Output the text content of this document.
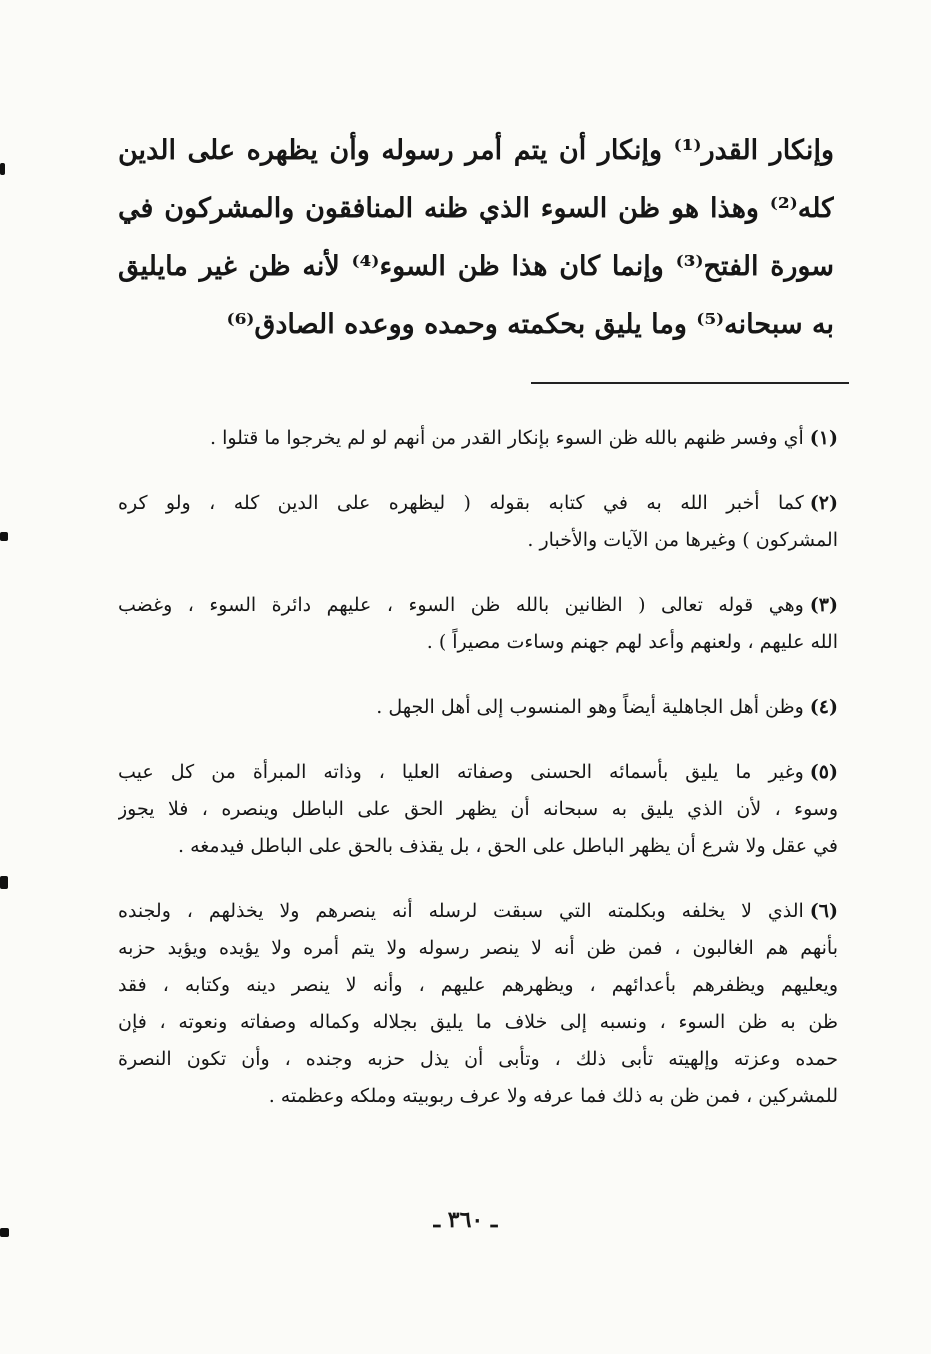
وإنكار القدر⁽¹⁾ وإنكار أن يتم أمر رسوله وأن يظهره على الدين
كله⁽²⁾ وهذا هو ظن السوء الذي ظنه المنافقون والمشركون في
سورة الفتح⁽³⁾ وإنما كان هذا ظن السوء⁽⁴⁾ لأنه ظن غير مايليق
به سبحانه⁽⁵⁾ وما يليق بحكمته وحمده ووعده الصادق⁽⁶⁾
(١)أي وفسر ظنهم بالله ظن السوء بإنكار القدر من أنهم لو لم يخرجوا ما قتلوا .
(٢)كما أخبر الله به في كتابه بقوله ( ليظهره على الدين كله ، ولو كره
المشركون ) وغيرها من الآيات والأخبار .
(٣)وهي قوله تعالى ( الظانين بالله ظن السوء ، عليهم دائرة السوء ، وغضب
الله عليهم ، ولعنهم وأعد لهم جهنم وساءت مصيراً ) .
(٤)وظن أهل الجاهلية أيضاً وهو المنسوب إلى أهل الجهل .
(٥)وغير ما يليق بأسمائه الحسنى وصفاته العليا ، وذاته المبرأة من كل عيب
وسوء ، لأن الذي يليق به سبحانه أن يظهر الحق على الباطل وينصره ، فلا يجوز
في عقل ولا شرع أن يظهر الباطل على الحق ، بل يقذف بالحق على الباطل فيدمغه .
(٦)الذي لا يخلفه وبكلمته التي سبقت لرسله أنه ينصرهم ولا يخذلهم ، ولجنده
بأنهم هم الغالبون ، فمن ظن أنه لا ينصر رسوله ولا يتم أمره ولا يؤيده ويؤيد حزبه
ويعليهم ويظفرهم بأعدائهم ، ويظهرهم عليهم ، وأنه لا ينصر دينه وكتابه ، فقد
ظن به ظن السوء ، ونسبه إلى خلاف ما يليق بجلاله وكماله وصفاته ونعوته ، فإن
حمده وعزته وإلهيته تأبى ذلك ، وتأبى أن يذل حزبه وجنده ، وأن تكون النصرة
للمشركين ، فمن ظن به ذلك فما عرفه ولا عرف ربوبيته وملكه وعظمته .
ـ ٣٦٠ ـ
